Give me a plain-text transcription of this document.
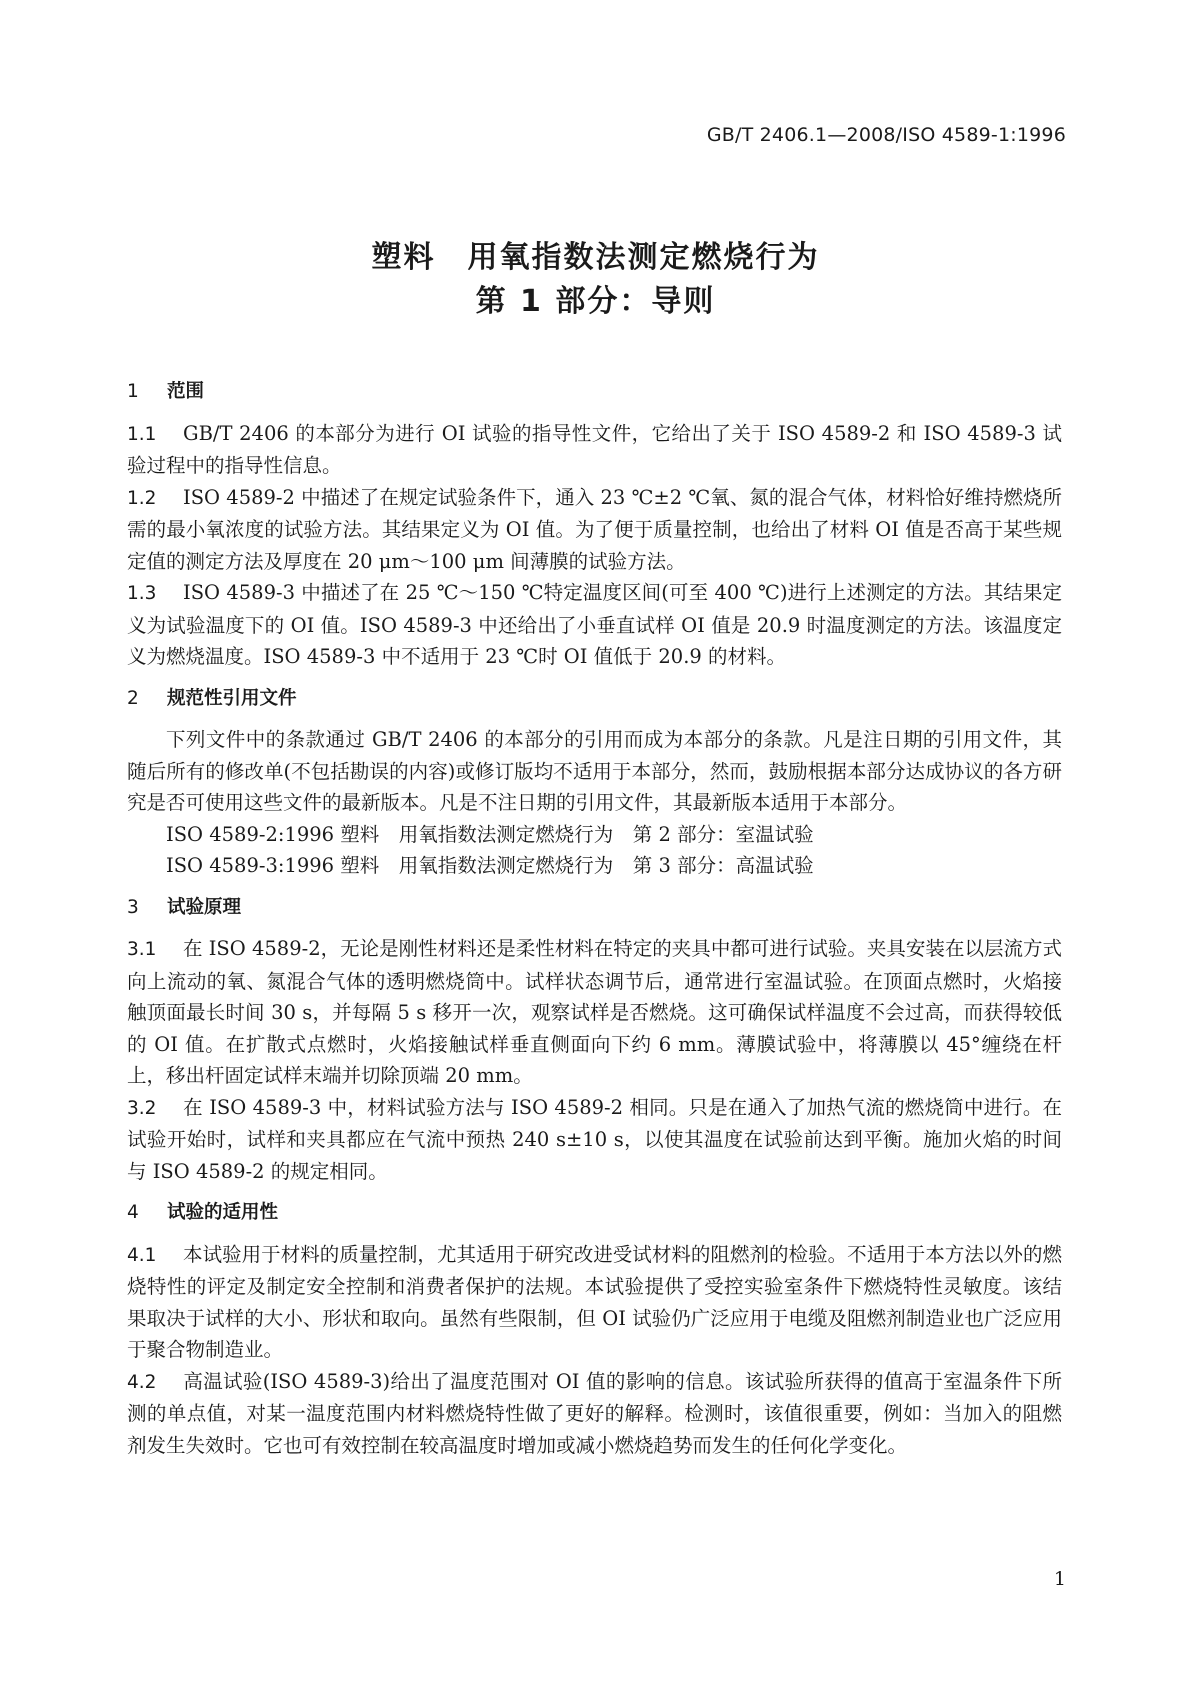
GB/T 2406.1—2008/ISO 4589-1:1996
塑料　用氧指数法测定燃烧行为
第 1 部分：导则
1 范围

1.1 GB/T 2406 的本部分为进行 OI 试验的指导性文件，它给出了关于 ISO 4589-2 和 ISO 4589-3 试验过程中的指导性信息。

1.2 ISO 4589-2 中描述了在规定试验条件下，通入 23 ℃±2 ℃氧、氮的混合气体，材料恰好维持燃烧所需的最小氧浓度的试验方法。其结果定义为 OI 值。为了便于质量控制，也给出了材料 OI 值是否高于某些规定值的测定方法及厚度在 20 μm～100 μm 间薄膜的试验方法。

1.3 ISO 4589-3 中描述了在 25 ℃～150 ℃特定温度区间(可至 400 ℃)进行上述测定的方法。其结果定义为试验温度下的 OI 值。ISO 4589-3 中还给出了小垂直试样 OI 值是 20.9 时温度测定的方法。该温度定义为燃烧温度。ISO 4589-3 中不适用于 23 ℃时 OI 值低于 20.9 的材料。

2 规范性引用文件

下列文件中的条款通过 GB/T 2406 的本部分的引用而成为本部分的条款。凡是注日期的引用文件，其随后所有的修改单(不包括勘误的内容)或修订版均不适用于本部分，然而，鼓励根据本部分达成协议的各方研究是否可使用这些文件的最新版本。凡是不注日期的引用文件，其最新版本适用于本部分。

ISO 4589-2:1996 塑料　用氧指数法测定燃烧行为　第 2 部分：室温试验

ISO 4589-3:1996 塑料　用氧指数法测定燃烧行为　第 3 部分：高温试验

3 试验原理

3.1 在 ISO 4589-2，无论是刚性材料还是柔性材料在特定的夹具中都可进行试验。夹具安装在以层流方式向上流动的氧、氮混合气体的透明燃烧筒中。试样状态调节后，通常进行室温试验。在顶面点燃时，火焰接触顶面最长时间 30 s，并每隔 5 s 移开一次，观察试样是否燃烧。这可确保试样温度不会过高，而获得较低的 OI 值。在扩散式点燃时，火焰接触试样垂直侧面向下约 6 mm。薄膜试验中，将薄膜以 45°缠绕在杆上，移出杆固定试样末端并切除顶端 20 mm。

3.2 在 ISO 4589-3 中，材料试验方法与 ISO 4589-2 相同。只是在通入了加热气流的燃烧筒中进行。在试验开始时，试样和夹具都应在气流中预热 240 s±10 s，以使其温度在试验前达到平衡。施加火焰的时间与 ISO 4589-2 的规定相同。

4 试验的适用性

4.1 本试验用于材料的质量控制，尤其适用于研究改进受试材料的阻燃剂的检验。不适用于本方法以外的燃烧特性的评定及制定安全控制和消费者保护的法规。本试验提供了受控实验室条件下燃烧特性灵敏度。该结果取决于试样的大小、形状和取向。虽然有些限制，但 OI 试验仍广泛应用于电缆及阻燃剂制造业也广泛应用于聚合物制造业。

4.2 高温试验(ISO 4589-3)给出了温度范围对 OI 值的影响的信息。该试验所获得的值高于室温条件下所测的单点值，对某一温度范围内材料燃烧特性做了更好的解释。检测时，该值很重要，例如：当加入的阻燃剂发生失效时。它也可有效控制在较高温度时增加或减小燃烧趋势而发生的任何化学变化。

1
